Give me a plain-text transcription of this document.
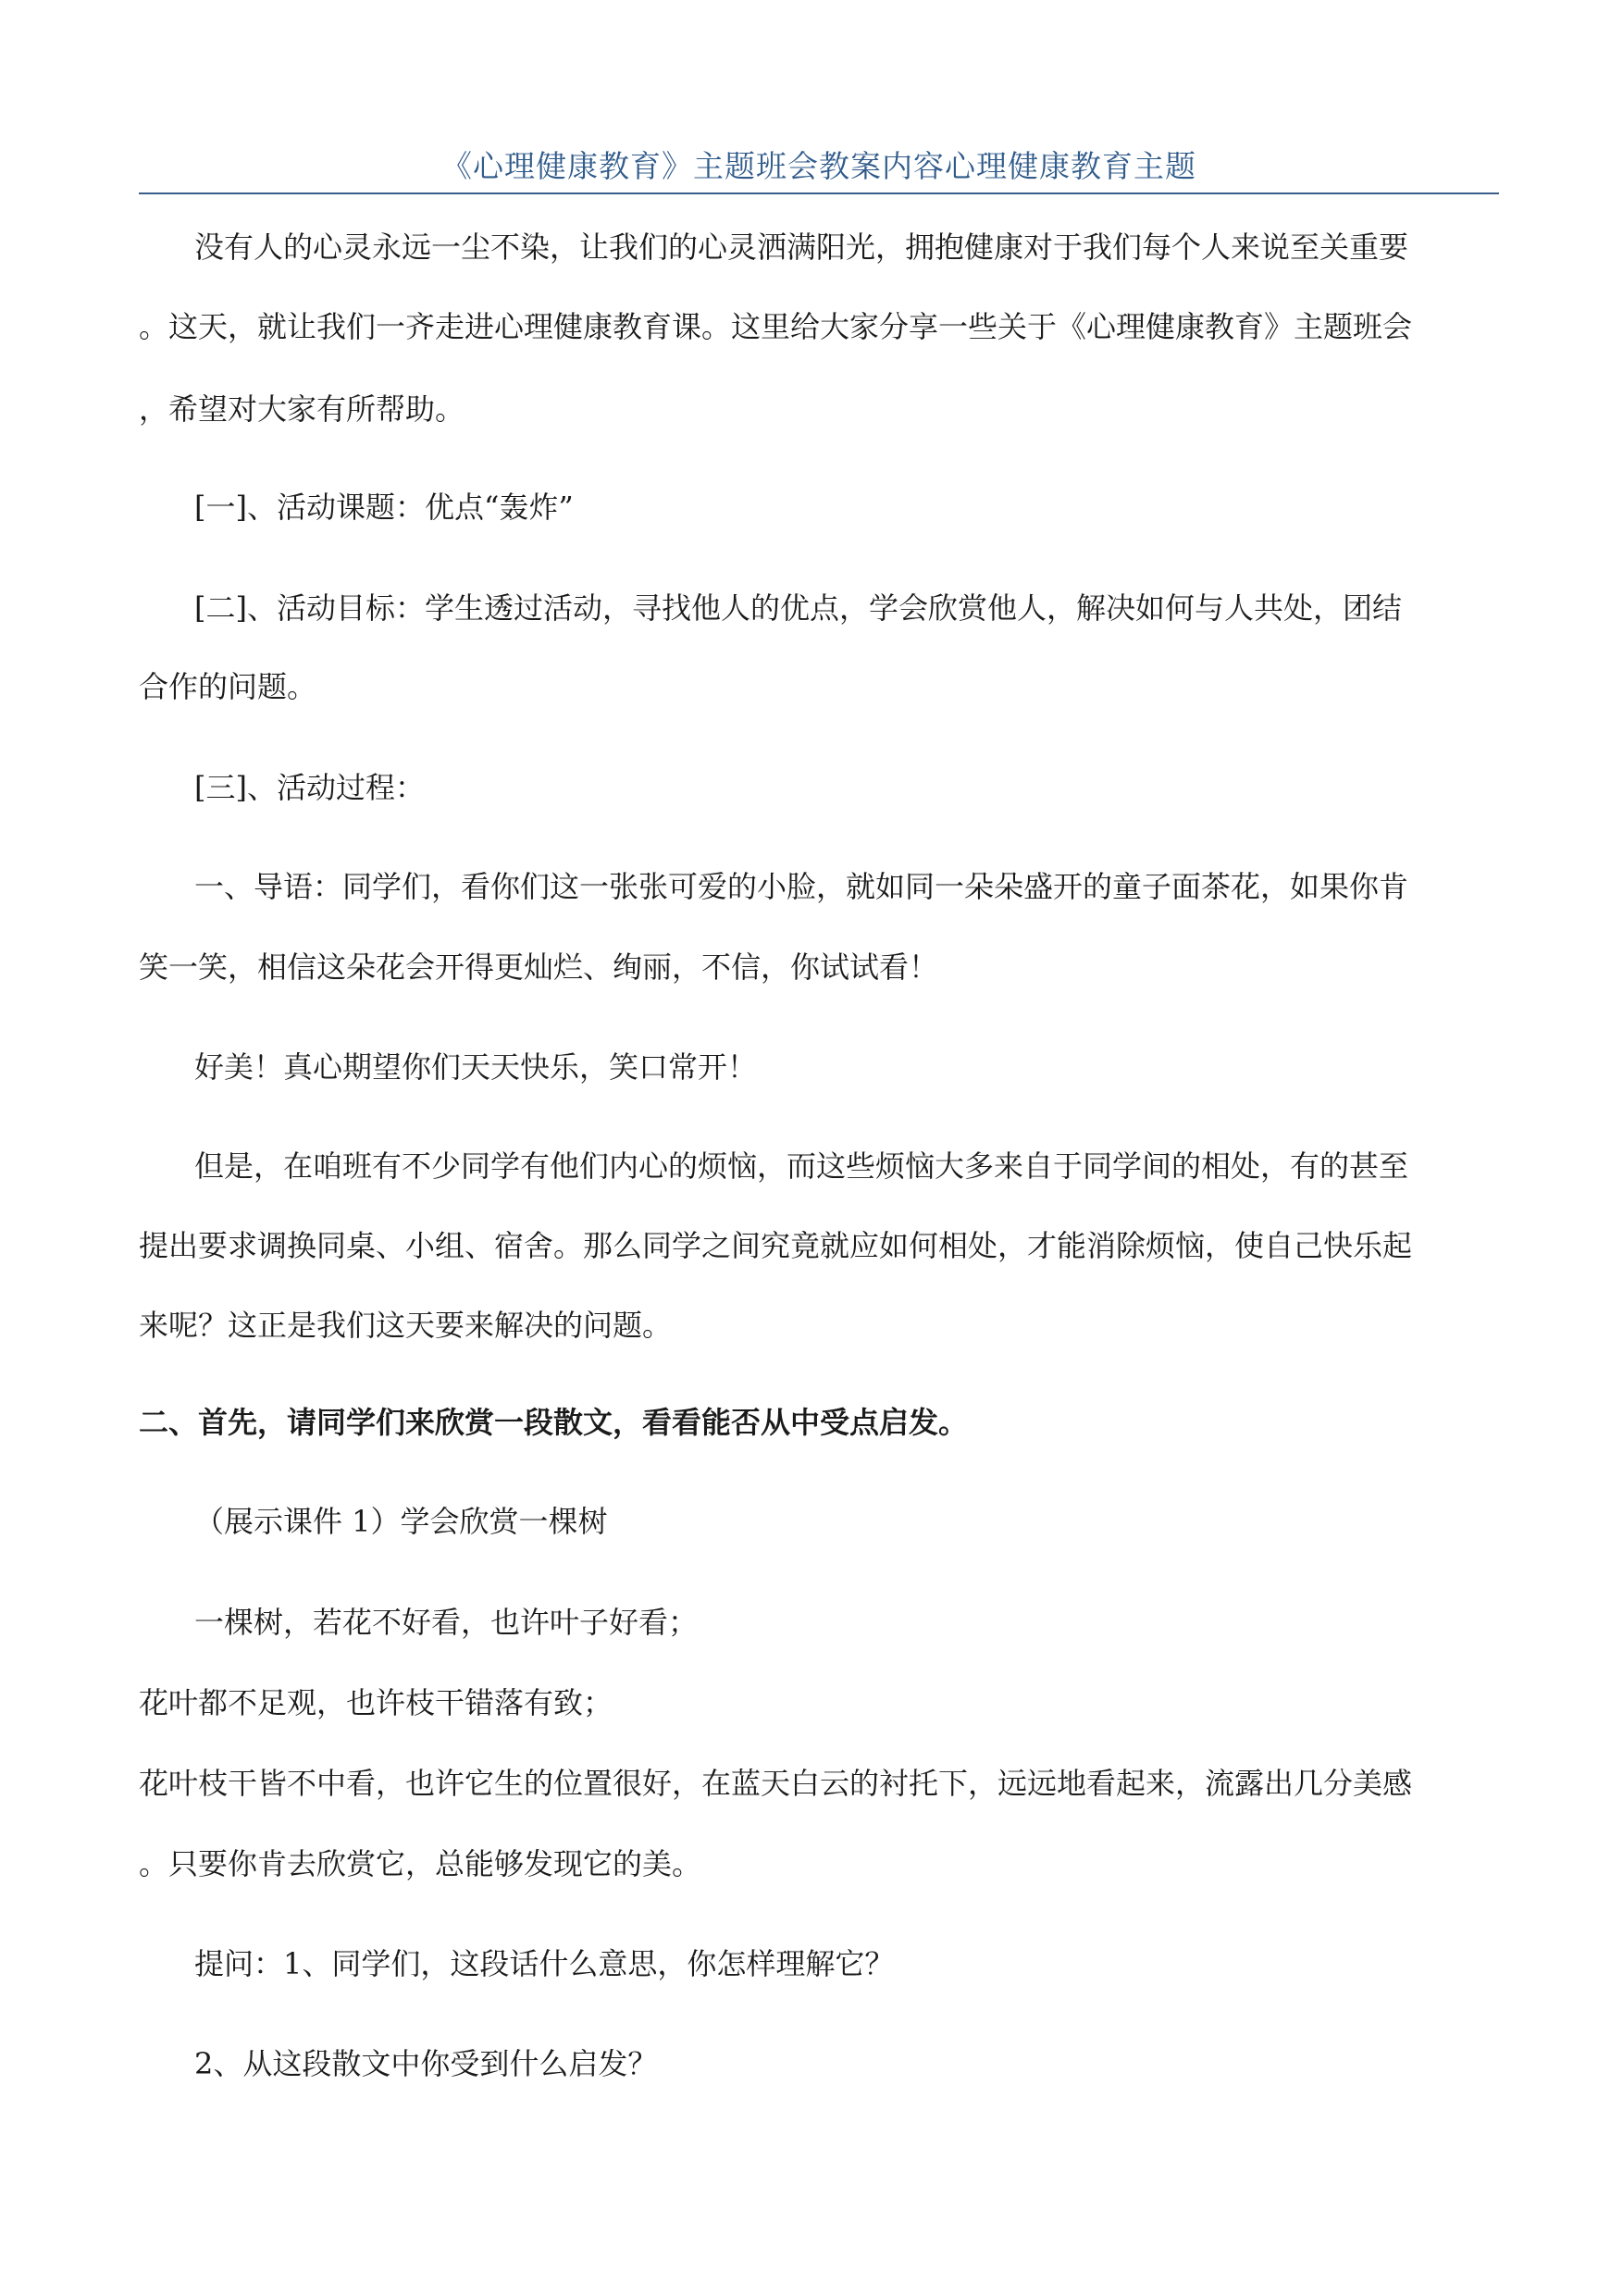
《心理健康教育》主题班会教案内容心理健康教育主题
没有人的心灵永远一尘不染，让我们的心灵洒满阳光，拥抱健康对于我们每个人来说至关重要
。这天，就让我们一齐走进心理健康教育课。这里给大家分享一些关于《心理健康教育》主题班会
，希望对大家有所帮助。
[一]、活动课题：优点“轰炸”
[二]、活动目标：学生透过活动，寻找他人的优点，学会欣赏他人，解决如何与人共处，团结
合作的问题。
[三]、活动过程：
一、导语：同学们，看你们这一张张可爱的小脸，就如同一朵朵盛开的童子面茶花，如果你肯
笑一笑，相信这朵花会开得更灿烂、绚丽，不信，你试试看！
好美！真心期望你们天天快乐，笑口常开！
但是，在咱班有不少同学有他们内心的烦恼，而这些烦恼大多来自于同学间的相处，有的甚至
提出要求调换同桌、小组、宿舍。那么同学之间究竟就应如何相处，才能消除烦恼，使自己快乐起
来呢？这正是我们这天要来解决的问题。
二、首先，请同学们来欣赏一段散文，看看能否从中受点启发。
（展示课件 1）学会欣赏一棵树
一棵树，若花不好看，也许叶子好看；
花叶都不足观，也许枝干错落有致；
花叶枝干皆不中看，也许它生的位置很好，在蓝天白云的衬托下，远远地看起来，流露出几分美感
。只要你肯去欣赏它，总能够发现它的美。
提问：1、同学们，这段话什么意思，你怎样理解它？
2、从这段散文中你受到什么启发？
